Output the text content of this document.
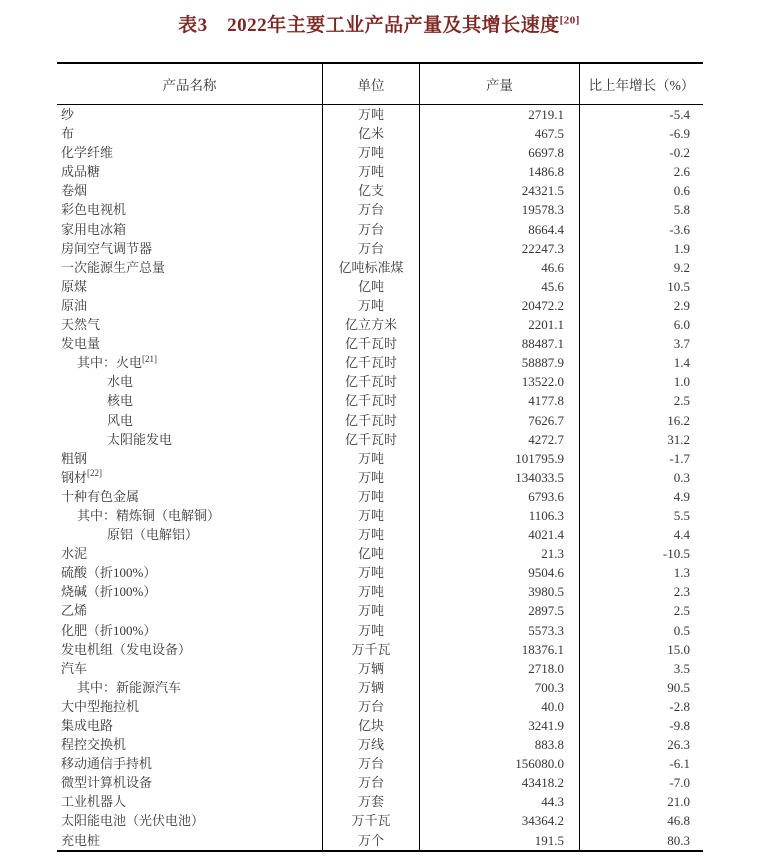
表3　2022年主要工业产品产量及其增长速度[20]
产品名称	单位	产量	比上年增长（%）
纱	万吨	2719.1	-5.4
布	亿米	467.5	-6.9
化学纤维	万吨	6697.8	-0.2
成品糖	万吨	1486.8	2.6
卷烟	亿支	24321.5	0.6
彩色电视机	万台	19578.3	5.8
家用电冰箱	万台	8664.4	-3.6
房间空气调节器	万台	22247.3	1.9
一次能源生产总量	亿吨标准煤	46.6	9.2
原煤	亿吨	45.6	10.5
原油	万吨	20472.2	2.9
天然气	亿立方米	2201.1	6.0
发电量	亿千瓦时	88487.1	3.7
其中：火电[21]	亿千瓦时	58887.9	1.4
水电	亿千瓦时	13522.0	1.0
核电	亿千瓦时	4177.8	2.5
风电	亿千瓦时	7626.7	16.2
太阳能发电	亿千瓦时	4272.7	31.2
粗钢	万吨	101795.9	-1.7
钢材[22]	万吨	134033.5	0.3
十种有色金属	万吨	6793.6	4.9
其中：精炼铜（电解铜）	万吨	1106.3	5.5
原铝（电解铝）	万吨	4021.4	4.4
水泥	亿吨	21.3	-10.5
硫酸（折100%）	万吨	9504.6	1.3
烧碱（折100%）	万吨	3980.5	2.3
乙烯	万吨	2897.5	2.5
化肥（折100%）	万吨	5573.3	0.5
发电机组（发电设备）	万千瓦	18376.1	15.0
汽车	万辆	2718.0	3.5
其中：新能源汽车	万辆	700.3	90.5
大中型拖拉机	万台	40.0	-2.8
集成电路	亿块	3241.9	-9.8
程控交换机	万线	883.8	26.3
移动通信手持机	万台	156080.0	-6.1
微型计算机设备	万台	43418.2	-7.0
工业机器人	万套	44.3	21.0
太阳能电池（光伏电池）	万千瓦	34364.2	46.8
充电桩	万个	191.5	80.3
